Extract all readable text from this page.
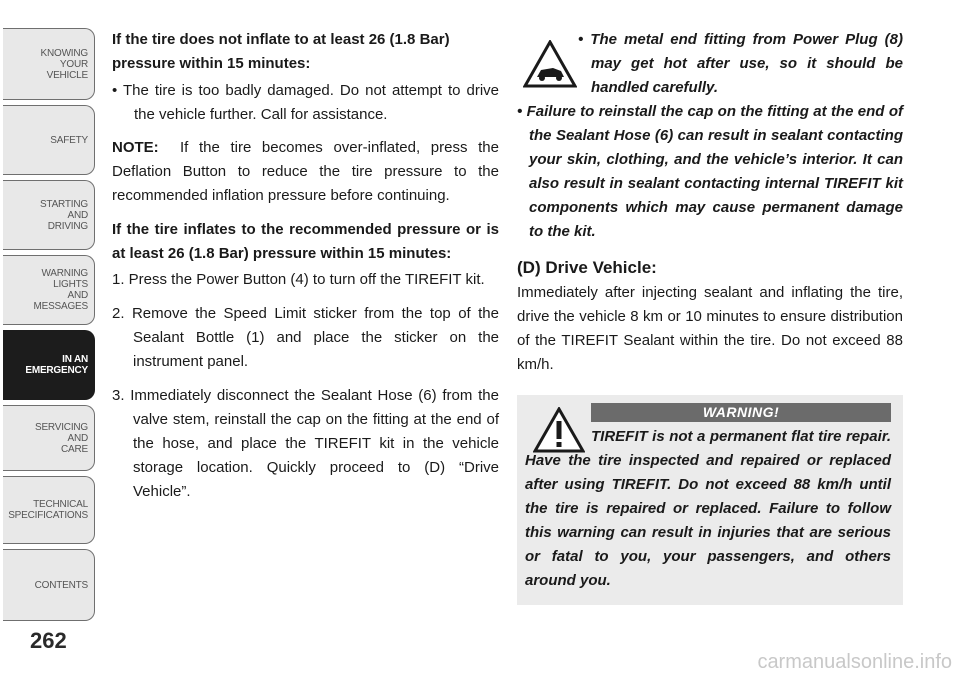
KNOWING
YOUR
VEHICLE
SAFETY
STARTING
AND
DRIVING
WARNING
LIGHTS
AND
MESSAGES
IN AN
EMERGENCY
SERVICING
AND
CARE
TECHNICAL
SPECIFICATIONS
CONTENTS
262

If the tire does not inflate to at least 26 (1.8 Bar) pressure within 15 minutes:

• The tire is too badly damaged. Do not attempt to drive the vehicle further. Call for assistance.

NOTE: If the tire becomes over-inflated, press the Deflation Button to reduce the tire pressure to the recommended inflation pressure before continuing.

If the tire inflates to the recommended pressure or is at least 26 (1.8 Bar) pressure within 15 minutes:

1. Press the Power Button (4) to turn off the TIREFIT kit.

2. Remove the Speed Limit sticker from the top of the Sealant Bottle (1) and place the sticker on the instrument panel.

3. Immediately disconnect the Sealant Hose (6) from the valve stem, reinstall the cap on the fitting at the end of the hose, and place the TIREFIT kit in the vehicle storage location. Quickly proceed to (D) “Drive Vehicle”.

• The metal end fitting from Power Plug (8) may get hot after use, so it should be handled carefully.

• Failure to reinstall the cap on the fitting at the end of the Sealant Hose (6) can result in sealant contacting your skin, clothing, and the vehicle’s interior. It can also result in sealant contacting internal TIREFIT kit components which may cause permanent damage to the kit.

(D) Drive Vehicle:

Immediately after injecting sealant and inflating the tire, drive the vehicle 8 km or 10 minutes to ensure distribution of the TIREFIT Sealant within the tire. Do not exceed 88 km/h.

WARNING!

TIREFIT is not a permanent flat tire repair. Have the tire inspected and repaired or replaced after using TIREFIT. Do not exceed 88 km/h until the tire is repaired or replaced. Failure to follow this warning can result in injuries that are serious or fatal to you, your passengers, and others around you.

carmanualsonline.info
